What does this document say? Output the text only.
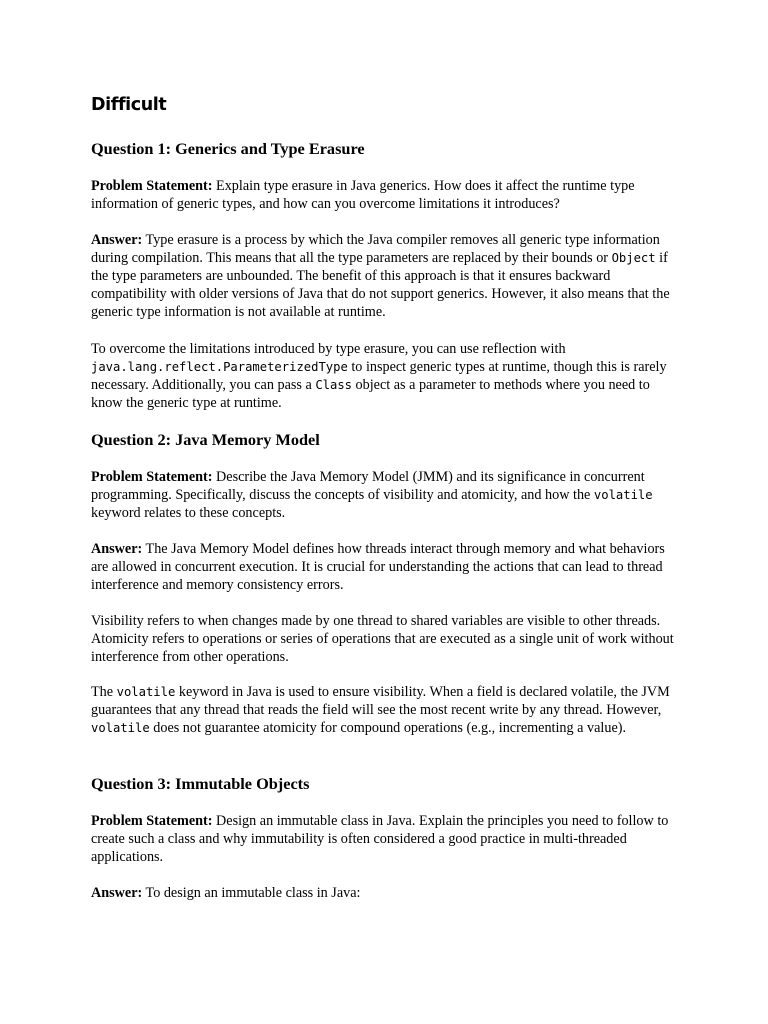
Difficult
Question 1: Generics and Type Erasure

Problem Statement: Explain type erasure in Java generics. How does it affect the runtime type information of generic types, and how can you overcome limitations it introduces?

Answer: Type erasure is a process by which the Java compiler removes all generic type information during compilation. This means that all the type parameters are replaced by their bounds or Object if the type parameters are unbounded. The benefit of this approach is that it ensures backward compatibility with older versions of Java that do not support generics. However, it also means that the generic type information is not available at runtime.

To overcome the limitations introduced by type erasure, you can use reflection with java.lang.reflect.ParameterizedType to inspect generic types at runtime, though this is rarely necessary. Additionally, you can pass a Class object as a parameter to methods where you need to know the generic type at runtime.

Question 2: Java Memory Model

Problem Statement: Describe the Java Memory Model (JMM) and its significance in concurrent programming. Specifically, discuss the concepts of visibility and atomicity, and how the volatile keyword relates to these concepts.

Answer: The Java Memory Model defines how threads interact through memory and what behaviors are allowed in concurrent execution. It is crucial for understanding the actions that can lead to thread interference and memory consistency errors.

Visibility refers to when changes made by one thread to shared variables are visible to other threads. Atomicity refers to operations or series of operations that are executed as a single unit of work without interference from other operations.

The volatile keyword in Java is used to ensure visibility. When a field is declared volatile, the JVM guarantees that any thread that reads the field will see the most recent write by any thread. However, volatile does not guarantee atomicity for compound operations (e.g., incrementing a value).

Question 3: Immutable Objects

Problem Statement: Design an immutable class in Java. Explain the principles you need to follow to create such a class and why immutability is often considered a good practice in multi-threaded applications.

Answer: To design an immutable class in Java:
